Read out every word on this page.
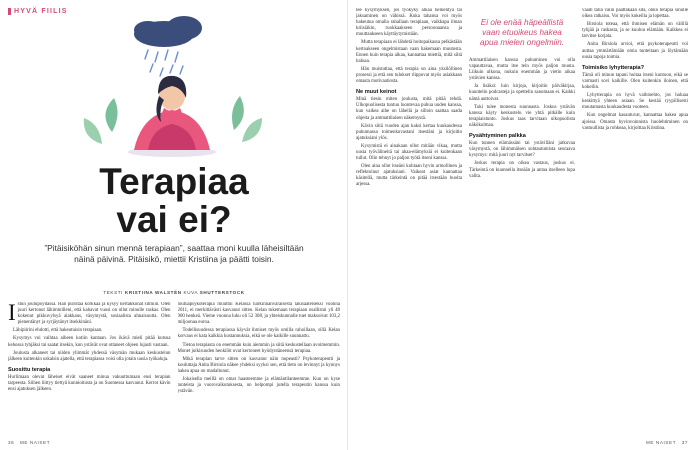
HYVÄ FIILIS
Terapiaa
vai ei?

”Pitäisiköhän sinun mennä terapiaan”, saattaa moni kuulla läheisiltään näinä päivinä. Pitäisikö, miettii Kristiina ja päätti toisin.

TEKSTI KRISTIINA WALSTÉN KUVA SHUTTERSTOCK
I stun joulupöydässä. Hän puristaa korkkaa ja kysyy kertäkkonat silmiin. Olen juuri kertonut lähimmilleni, että kahavat vuosi on ollut minulle raskas. Olen kokenut pikkuvylsyä aiakkaus, väsymystä, sosiaalista ahnaisuutta. Olen pienentänyt ja syrjäytänyt itsekkinäni.

Lähipiirini ehdotti, että hakeutuisin terapiaan.

Kysymys voi vaihtaa aiheen kotiin kantaan. Jos ikävä mieli pitää kutsua kehossa tyhjäksi tai saatat itsekin, kun ystävät ovat ottaneet ohjeen lujasti vastaan.

Joulusta alkaneet tai niiden ylimmät yhdessä väsymän mukaan keskustelun jälkeen kuitenkin uskalsin ajatella, että terapiassa voisi olla jotain uusia työkaluja.

Suosittu terapia

Hurlimaan olevat läheiset eivät saaneet minua vakuuttumaan ensi terapian tarpeesta. Siihen liittyy tiettyä kunnioitusta ja on Suomessa kasvanut. Kerrot kävin ensi ajatuksen jälkeen.

toutuapsykoterapia muuttui Kelassa harkinnanvaraisesta lakisääteiseksi vuonna 2011, ei merkittävästi kasvanut sitten. Kelan tukemaan terapiaan osallistui yli 48 000 henkeä. Vieme vuonna luku oli 52 308, ja yhteiskunnalle tuet maksoivat 103,2 miljoonaa euroa.

Todellisuudessa terapiassa käyvät ihmiset myös omilla rahoillaan, sillä Kelan korvaus ei kata kaikkia kustannuksia, eikä se ole kaikille suunnattu.

Tietoa terapiasta on enemmän kuin aiemmin ja siitä keskustellaan avoimemmin. Monet julkisuuden henkilöt ovat kertoneet hyödyntäneensä terapiaa.

Mikä terapian tarve sitten on kasvanut näin nopeasti? Psykoterapeutti ja kouluttaja Anita Birsiola näkee yhdeksi syyksi sen, että tieto on levinnyt ja kynnys hakea apua on madaltunut.

Jokaisella meillä on omat haasteemme ja elämäntilanteemme. Kun on kyse tunteista ja vuorovaikutuksesta, on helpompi jutella terapeutin kanssa kuin ystävän.

36 ME NAISET

lee kysymyksen, jos työkyky alkaa heikentyä tai jaksaminen on vähissä. Kuka tahansa voi myös hakeutua omalla rahallaan terapiaan, vaikkapa ilman kriisiäkin, ruokkaakseen persoonaansa ja muuttaakseen käyttäytymistään.

Mutta terapiaan ei lähdetä hoitopaikassa pelkästään kertoakseen ongelmistaan vaan hakemaan muutosta. Ennen kuin terapia alkaa, kannattaa miettiä, mitä siltä haluaa.

Hän muistuttaa, että terapia on aina yksilöllinen prosessi ja että sen tulokset riippuvat myös asiakkaan omasta motivaatiosta.

Ne muut keinot

Minä tiesin miten joulusta, mitä pitää tehdä. Ulkopuolisesta tuntuu luontevaa puhua uuden kanssa, kun vaikea aihe on lähellä ja silloin saattaa saada ohjeita ja ammattilaisen näkemystä.

Kävin siitä vuoden ajan kaksi kertaa kuukaudessa puhumassa toimenkuvastani itsestäni ja kirjoitin ajatuksiani ylös.

Kysymistä ei ainakaan ollut mitään vikaa, mutta uusia työvälineitä tai ahaa-elämyksiä ei kuitenkaan tullut. Olin tehnyt jo paljon työtä itseni kanssa.

Olen aina ollut itseäni kohtaan hyvin armollinen ja reflektoinut ajatuksiani. Vaikeat asiat kannattaa käsitellä, mutta tärkeintä on pitää itsestään huolta arjessa.

Ei ole enää häpeällistä vaan etuoikeus hakea apua mielen ongelmiin.

Ammattilaisen kanssa puhuminen voi olla vapauttavaa, mutta itse tein myös paljon muuta. Liikuin ulkona, nukuin enemmän ja vietin aikaa ystävien kanssa.

Ja lisäksi: luin kirjoja, kirjoitin päiväkirjaa, kuuntelin podcasteja ja opettelin sanomaan ei. Kaikki nämä auttoivat.

Tuki tulee monesta suunnasta. Joskus ystävän kanssa käyty keskustelu vie yhtä pitkälle kuin terapiaistunto. Joskus taas tarvitaan ulkopuolista näkökulmaa.

Pysähtyminen palkka

Kun tunnen elämässäni tai ystävilläni jatkuvaa väsymystä, on lähimmäisen suhtautumista seuraava kysymys: mitä juuri nyt tarvitset?

Joskus terapia on oikea vastaus, joskus ei. Tärkeintä on kuunnella itseään ja antaa itselleen lupa valita.

vaadi tällä välin päättäkään sitä, onko terapia sinulle oikea ratkaisu. Voi myös kokeilla ja lopettaa.

Birsiola toteaa, että ihmisen elämän on välillä tyhjää ja raskasta, ja se kuuluu elämään. Kaikkea ei tarvitse korjata.

Anita Birsiola arvioi, että psykoterapeutti voi auttaa ymmärtämään omia tunteitaan ja löytämään uusia tapoja toimia.

Toimisiko lyhytterapia?

Tämä oli minun tapani hoitaa itseni kuntoon, eikä se varmasti sovi kaikille. Olen kuitenkin iloinen, että kokeilin.

Lyhytterapia on hyvä vaihtoehto, jos haluaa keskittyä yhteen asiaan. Se kestää tyypillisesti muutamasta kuukaudesta vuoteen.

Kun ongelmat kasautuvat, kannattaa hakea apua ajoissa. Omasta hyvinvoinnista huolehtiminen on vastuullista ja rohkeaa, kirjoittaa Kristiina.

ME NAISET 37
